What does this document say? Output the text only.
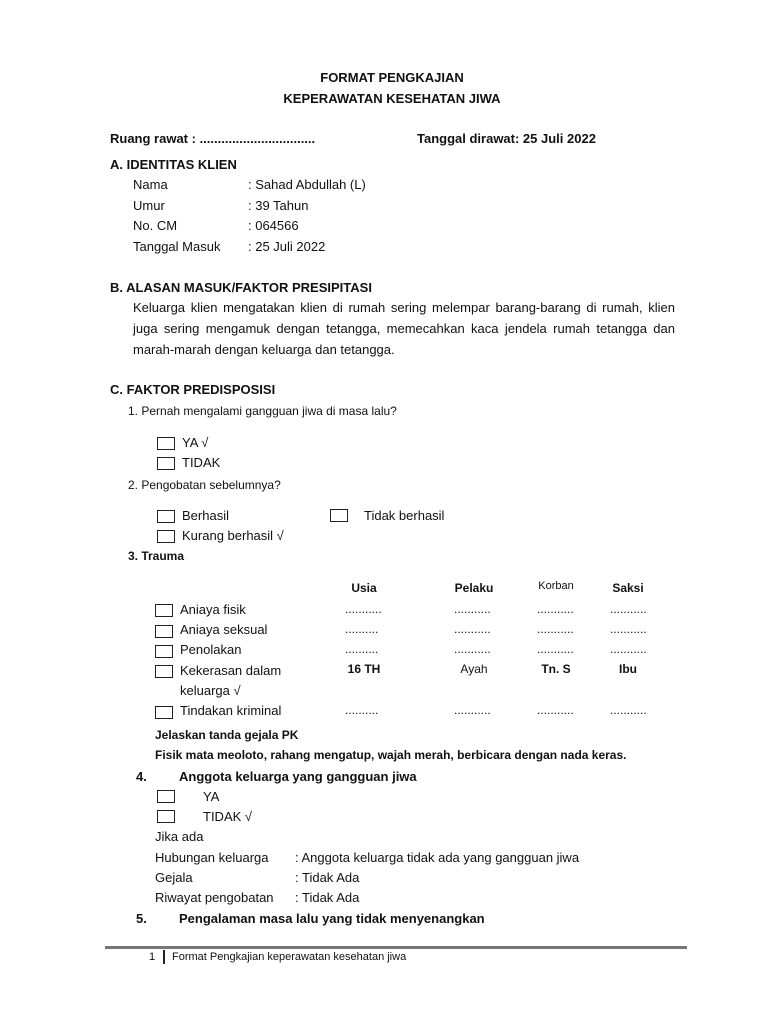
FORMAT PENGKAJIAN
KEPERAWATAN KESEHATAN JIWA
Ruang rawat : ................................	Tanggal dirawat: 25 Juli 2022
A. IDENTITAS KLIEN
Nama	: Sahad Abdullah (L)
Umur	: 39 Tahun
No. CM	: 064566
Tanggal Masuk : 25 Juli 2022
B. ALASAN MASUK/FAKTOR PRESIPITASI
Keluarga klien mengatakan klien di rumah sering melempar barang-barang di rumah, klien juga sering mengamuk dengan tetangga, memecahkan kaca jendela rumah tetangga dan marah-marah dengan keluarga dan tetangga.
C. FAKTOR PREDISPOSISI
1. Pernah mengalami gangguan jiwa di masa lalu?
YA √
TIDAK
2. Pengobatan sebelumnya?
Berhasil	Tidak berhasil
Kurang berhasil √
3. Trauma
Usia	Pelaku	Korban	Saksi
Aniaya fisik	...........	...........	...........	...........
Aniaya seksual	..........	...........	...........	...........
Penolakan	..........	...........	...........	...........
Kekerasan dalam
keluarga √
16 TH	Ayah	Tn. S	Ibu
Tindakan kriminal	..........	...........	...........	...........
Jelaskan tanda gejala PK
Fisik mata meoloto, rahang mengatup, wajah merah, berbicara dengan nada keras.
4. Anggota keluarga yang gangguan jiwa
YA
TIDAK √
Jika ada
Hubungan keluarga : Anggota keluarga tidak ada yang gangguan jiwa
Gejala	: Tidak Ada
Riwayat pengobatan : Tidak Ada
5. Pengalaman masa lalu yang tidak menyenangkan
1 Format Pengkajian keperawatan kesehatan jiwa
